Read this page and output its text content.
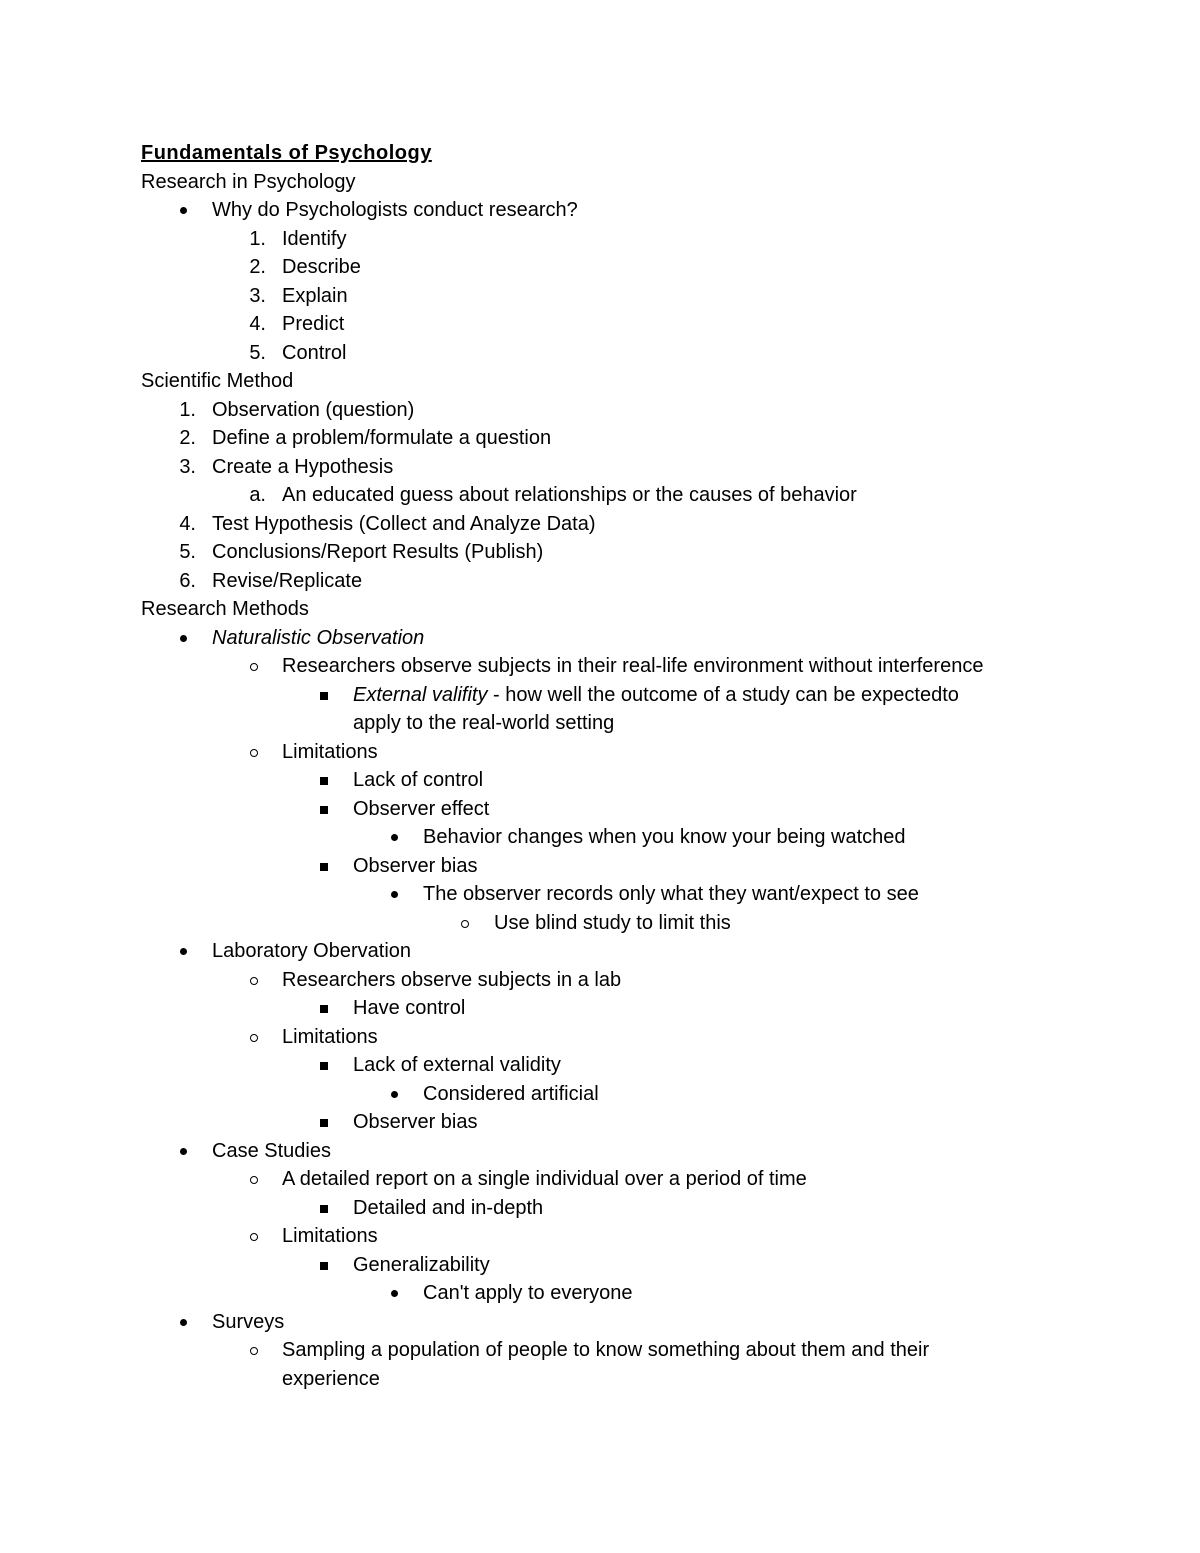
Fundamentals of Psychology
Research in Psychology
Why do Psychologists conduct research?
1. Identify
2. Describe
3. Explain
4. Predict
5. Control
Scientific Method
1. Observation (question)
2. Define a problem/formulate a question
3. Create a Hypothesis
a. An educated guess about relationships or the causes of behavior
4. Test Hypothesis (Collect and Analyze Data)
5. Conclusions/Report Results (Publish)
6. Revise/Replicate
Research Methods
Naturalistic Observation
Researchers observe subjects in their real-life environment without interference
External valifity - how well the outcome of a study can be expectedto
apply to the real-world setting
Limitations
Lack of control
Observer effect
Behavior changes when you know your being watched
Observer bias
The observer records only what they want/expect to see
Use blind study to limit this
Laboratory Obervation
Researchers observe subjects in a lab
Have control
Limitations
Lack of external validity
Considered artificial
Observer bias
Case Studies
A detailed report on a single individual over a period of time
Detailed and in-depth
Limitations
Generalizability
Can't apply to everyone
Surveys
Sampling a population of people to know something about them and their
experience
